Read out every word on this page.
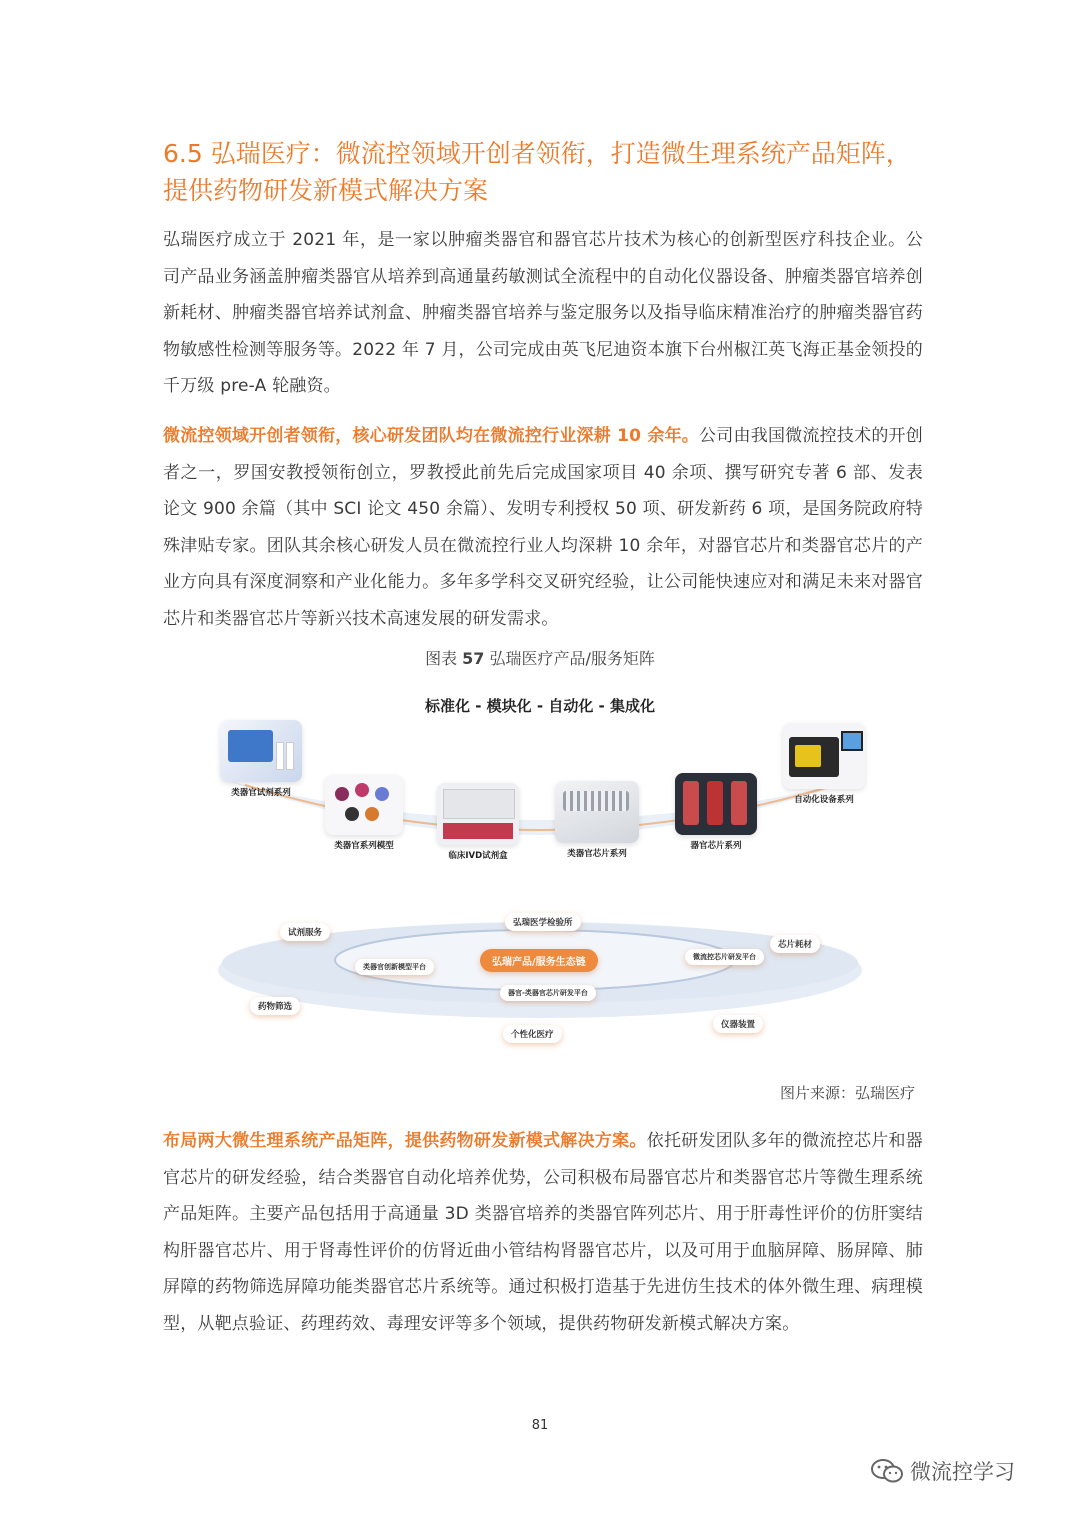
6.5 弘瑞医疗：微流控领域开创者领衔，打造微生理系统产品矩阵，
提供药物研发新模式解决方案

弘瑞医疗成立于 2021 年，是一家以肿瘤类器官和器官芯片技术为核心的创新型医疗科技企业。公司产品业务涵盖肿瘤类器官从培养到高通量药敏测试全流程中的自动化仪器设备、肿瘤类器官培养创新耗材、肿瘤类器官培养试剂盒、肿瘤类器官培养与鉴定服务以及指导临床精准治疗的肿瘤类器官药物敏感性检测等服务等。2022 年 7 月，公司完成由英飞尼迪资本旗下台州椒江英飞海正基金领投的千万级 pre-A 轮融资。

微流控领域开创者领衔，核心研发团队均在微流控行业深耕 10 余年。公司由我国微流控技术的开创者之一，罗国安教授领衔创立，罗教授此前先后完成国家项目 40 余项、撰写研究专著 6 部、发表论文 900 余篇（其中 SCI 论文 450 余篇）、发明专利授权 50 项、研发新药 6 项，是国务院政府特殊津贴专家。团队其余核心研发人员在微流控行业人均深耕 10 余年，对器官芯片和类器官芯片的产业方向具有深度洞察和产业化能力。多年多学科交叉研究经验，让公司能快速应对和满足未来对器官芯片和类器官芯片等新兴技术高速发展的研发需求。

图表 57 弘瑞医疗产品/服务矩阵
标准化 - 模块化 - 自动化 - 集成化
类器官试剂系列
类器官系列模型
临床IVD试剂盒	类器官芯片系列
器官芯片系列
自动化设备系列
弘瑞医学检验所
弘瑞产品/服务生态链
类器官创新模型平台
微流控芯片研发平台
器官-类器官芯片研发平台
试剂服务
芯片耗材
药物筛选
个性化医疗
仪器装置
图片来源：弘瑞医疗

布局两大微生理系统产品矩阵，提供药物研发新模式解决方案。依托研发团队多年的微流控芯片和器官芯片的研发经验，结合类器官自动化培养优势，公司积极布局器官芯片和类器官芯片等微生理系统产品矩阵。主要产品包括用于高通量 3D 类器官培养的类器官阵列芯片、用于肝毒性评价的仿肝窦结构肝器官芯片、用于肾毒性评价的仿肾近曲小管结构肾器官芯片，以及可用于血脑屏障、肠屏障、肺屏障的药物筛选屏障功能类器官芯片系统等。通过积极打造基于先进仿生技术的体外微生理、病理模型，从靶点验证、药理药效、毒理安评等多个领域，提供药物研发新模式解决方案。

81
微流控学习
